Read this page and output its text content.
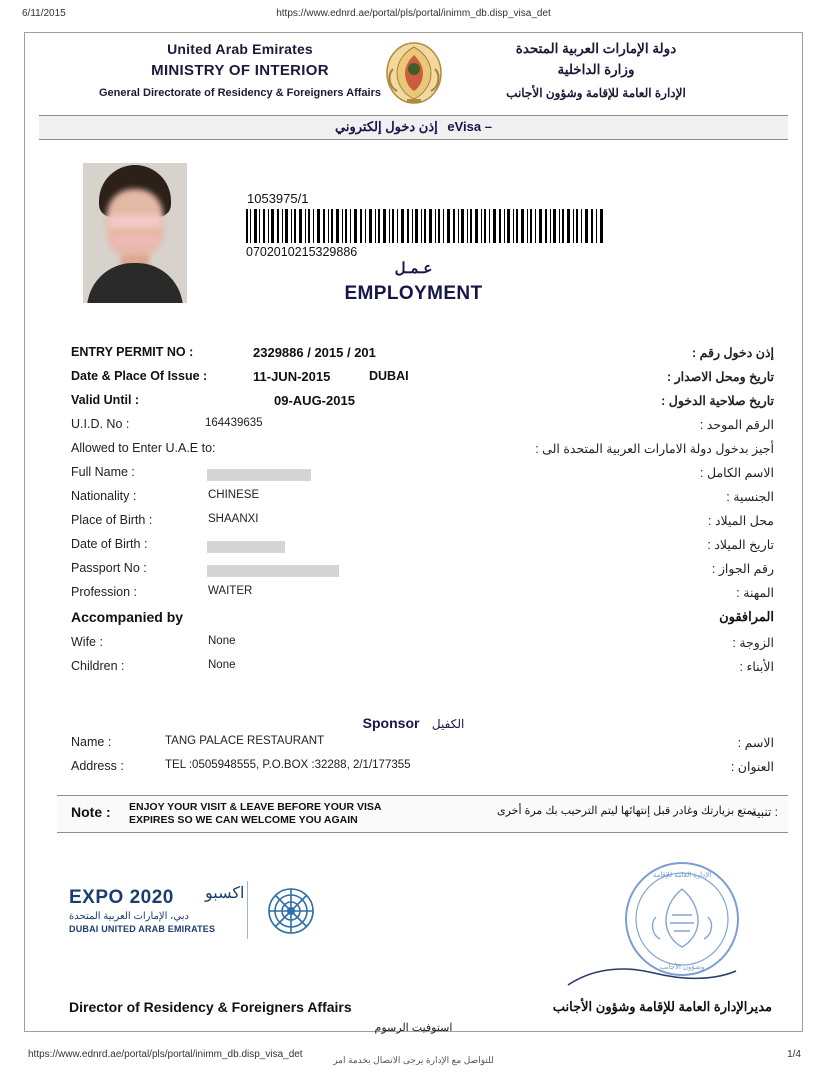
6/11/2015	https://www.ednrd.ae/portal/pls/portal/inimm_db.disp_visa_det
United Arab Emirates
MINISTRY OF INTERIOR
General Directorate of Residency & Foreigners Affairs
دولة الإمارات العربية المتحدة
وزارة الداخلية
الإدارة العامة للإقامة وشؤون الأجانب
إذن دخول إلكتروني eVisa –
1053975/1
0702010215329886
عـمـل
EMPLOYMENT
ENTRY PERMIT NO :	2329886 / 2015 / 201	إذن دخول رقم :
Date & Place Of Issue :	11-JUN-2015	DUBAI	تاريخ ومحل الاصدار :
Valid Until :	09-AUG-2015	تاريخ صلاحية الدخول :
U.I.D. No :	164439635	الرقم الموحد :
Allowed to Enter U.A.E to:	أجيز بدخول دولة الامارات العربية المتحدة الى :
Full Name :	الاسم الكامل :
Nationality :	CHINESE	الجنسية :
Place of Birth :	SHAANXI	محل الميلاد :
Date of Birth :	تاريخ الميلاد :
Passport No :	رقم الجواز :
Profession :	WAITER	المهنة :
Accompanied by	المرافقون
Wife :	None	الزوجة :
Children :	None	الأبناء :
Sponsor الكفيل
Name :	TANG PALACE RESTAURANT	الاسم :
Address :	TEL :0505948555, P.O.BOX :32288, 2/1/177355	العنوان :
Note : ENJOY YOUR VISIT & LEAVE BEFORE YOUR VISA
EXPIRES SO WE CAN WELCOME YOU AGAIN
تمتع بزيارتك وغادر قبل إنتهائها ليتم الترحيب بك مرة أخرى
تنبيه :
EXPO 2020 اكسبو
دبي، الإمارات العربية المتحدة
DUBAI UNITED ARAB EMIRATES
الإدارة العامة للإقامة
وشؤون الأجانب
Director of Residency & Foreigners Affairs	مديرالإدارة العامة للإقامة وشؤون الأجانب
استوفيت الرسوم
للتواصل مع الإدارة يرجى الاتصال بخدمة امر
https://www.ednrd.ae/portal/pls/portal/inimm_db.disp_visa_det	1/4
